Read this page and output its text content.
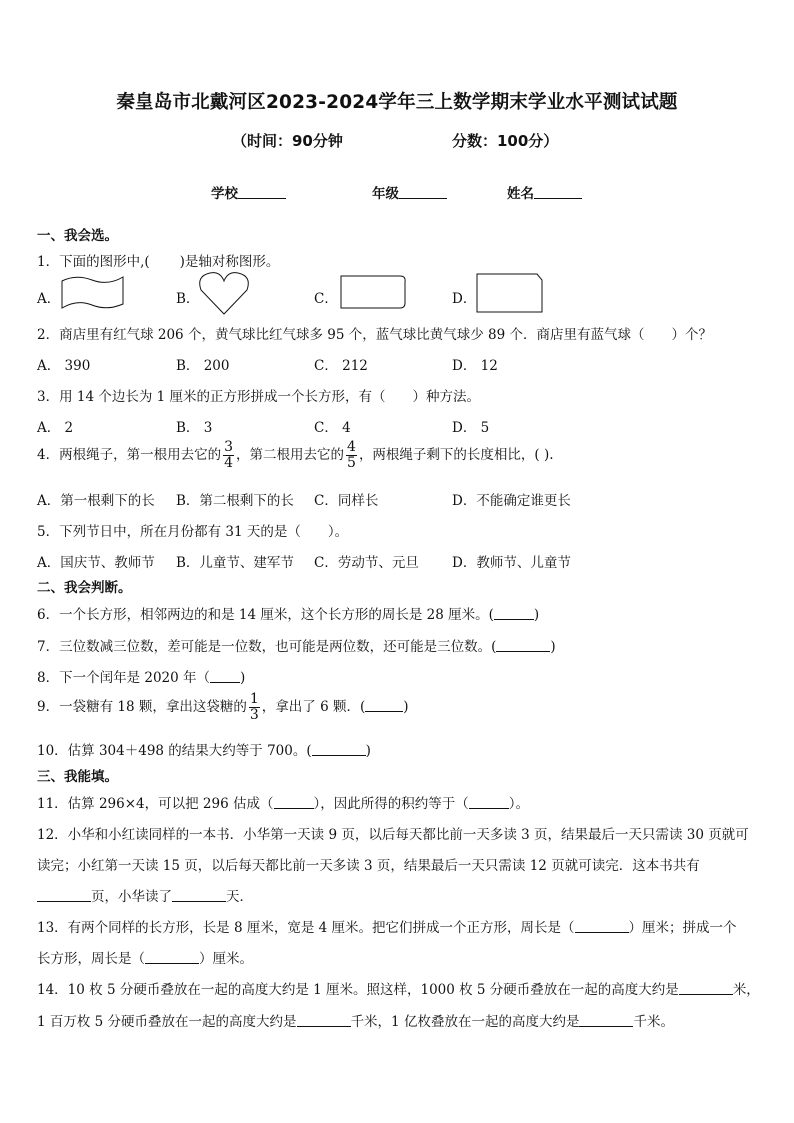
秦皇岛市北戴河区2023-2024学年三上数学期末学业水平测试试题
（时间：90分钟	分数：100分）
学校	年级	姓名
一、我会选。
1．下面的图形中,( )是轴对称图形。
A．	B．	C．	D．
2．商店里有红气球 206 个，黄气球比红气球多 95 个，蓝气球比黄气球少 89 个．商店里有蓝气球（　　）个？
A． 390	B． 200	C． 212	D． 12
3．用 14 个边长为 1 厘米的正方形拼成一个长方形，有（　　）种方法。
A． 2	B． 3	C． 4	D． 5
4．两根绳子，第一根用去它的 $\frac{3}{4}$ ，第二根用去它的 $\frac{4}{5}$ ，两根绳子剩下的长度相比，( ).
A．第一根剩下的长 B．第二根剩下的长 C．同样长	D．不能确定谁更长
5．下列节日中，所在月份都有 31 天的是（　　）。
A．国庆节、教师节 B．儿童节、建军节 C．劳动节、元旦 D．教师节、儿童节
二、我会判断。
6．一个长方形，相邻两边的和是 14 厘米，这个长方形的周长是 28 厘米。(	)
7．三位数减三位数，差可能是一位数，也可能是两位数，还可能是三位数。(	)
8．下一个闰年是 2020 年（ )
9．一袋糖有 18 颗，拿出这袋糖的 $\frac{1}{3}$ ，拿出了 6 颗．(	)
10．估算 304＋498 的结果大约等于 700。(	)
三、我能填。
11．估算 296×4，可以把 296 估成（	），因此所得的积约等于（	）。
12．小华和小红读同样的一本书．小华第一天读 9 页，以后每天都比前一天多读 3 页，结果最后一天只需读 30 页就可
读完；小红第一天读 15 页，以后每天都比前一天多读 3 页，结果最后一天只需读 12 页就可读完．这本书共有
页，小华读了	天．
13．有两个同样的长方形，长是 8 厘米，宽是 4 厘米。把它们拼成一个正方形，周长是（	）厘米；拼成一个
长方形，周长是（	）厘米。
14．10 枚 5 分硬币叠放在一起的高度大约是 1 厘米。照这样，1000 枚 5 分硬币叠放在一起的高度大约是	米，
1 百万枚 5 分硬币叠放在一起的高度大约是	千米，1 亿枚叠放在一起的高度大约是	千米。
